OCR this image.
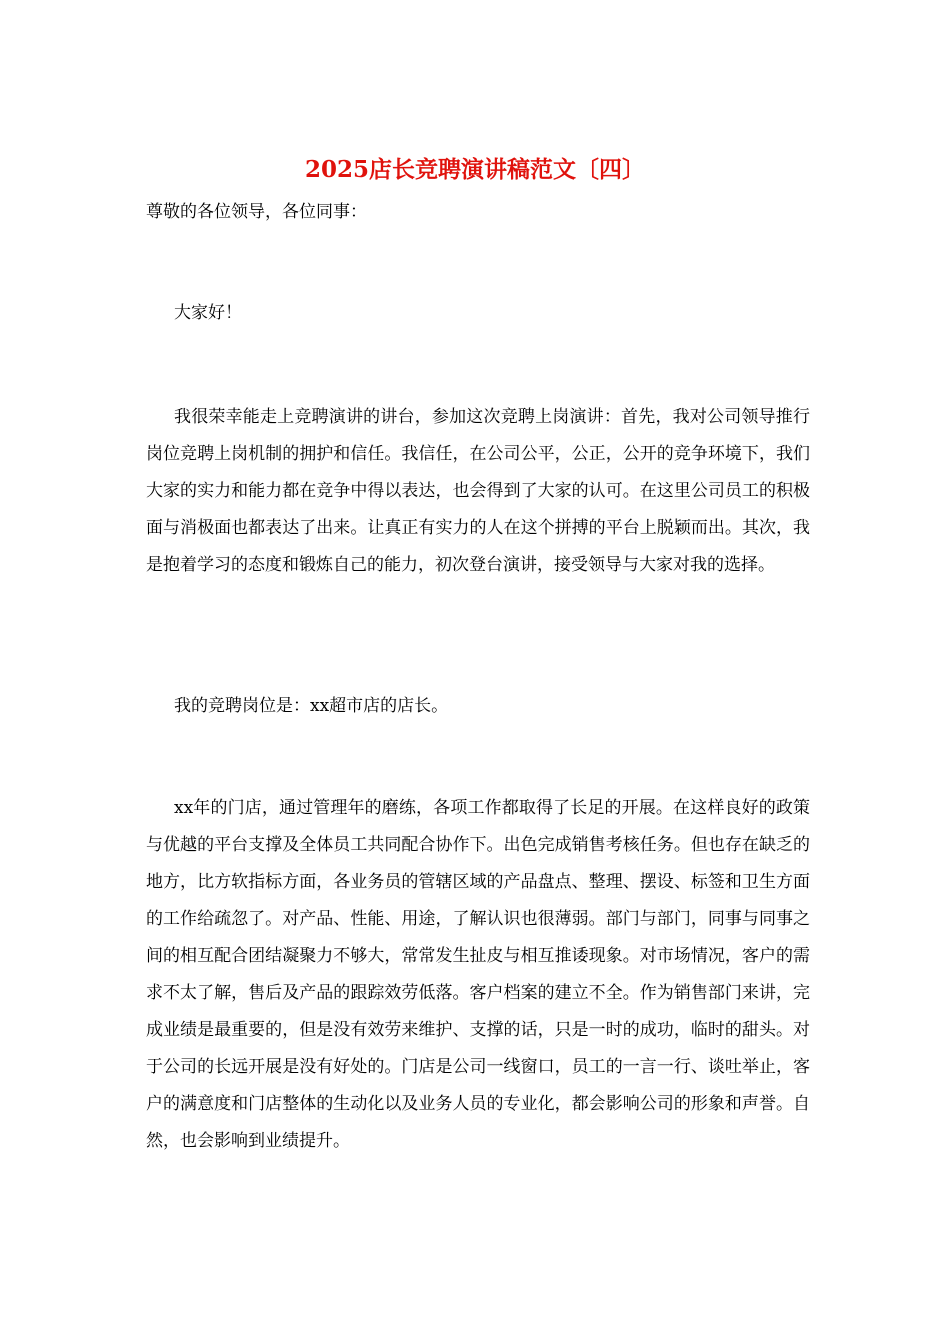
2025店长竞聘演讲稿范文〔四〕

尊敬的各位领导，各位同事：

大家好！

我很荣幸能走上竞聘演讲的讲台，参加这次竞聘上岗演讲：首先，我对公司领导推行岗位竞聘上岗机制的拥护和信任。我信任，在公司公平，公正，公开的竞争环境下，我们大家的实力和能力都在竞争中得以表达，也会得到了大家的认可。在这里公司员工的积极面与消极面也都表达了出来。让真正有实力的人在这个拼搏的平台上脱颖而出。其次，我是抱着学习的态度和锻炼自己的能力，初次登台演讲，接受领导与大家对我的选择。

我的竞聘岗位是：xx超市店的店长。

xx年的门店，通过管理年的磨练，各项工作都取得了长足的开展。在这样良好的政策与优越的平台支撑及全体员工共同配合协作下。出色完成销售考核任务。但也存在缺乏的地方，比方软指标方面，各业务员的管辖区域的产品盘点、整理、摆设、标签和卫生方面的工作给疏忽了。对产品、性能、用途，了解认识也很薄弱。部门与部门，同事与同事之间的相互配合团结凝聚力不够大，常常发生扯皮与相互推诿现象。对市场情况，客户的需求不太了解，售后及产品的跟踪效劳低落。客户档案的建立不全。作为销售部门来讲，完成业绩是最重要的，但是没有效劳来维护、支撑的话，只是一时的成功，临时的甜头。对于公司的长远开展是没有好处的。门店是公司一线窗口，员工的一言一行、谈吐举止，客户的满意度和门店整体的生动化以及业务人员的专业化，都会影响公司的形象和声誉。自然，也会影响到业绩提升。
